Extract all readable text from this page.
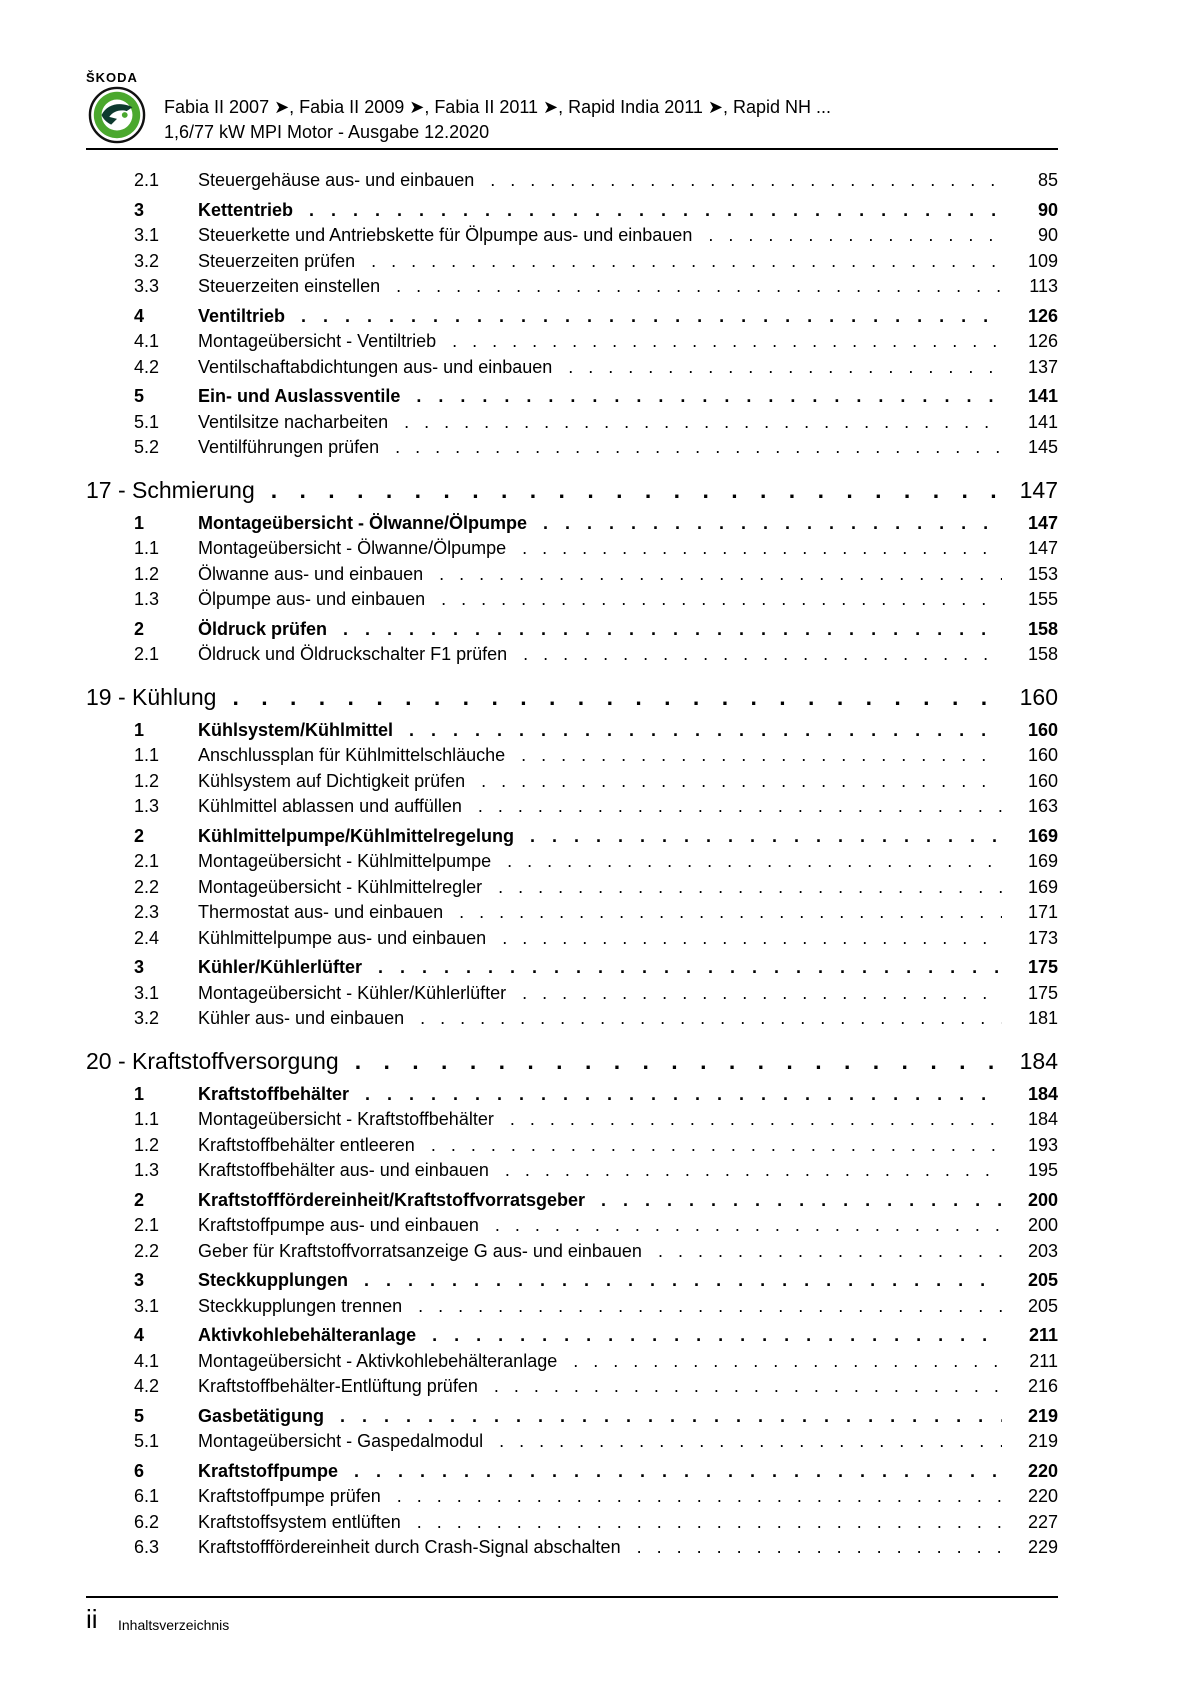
ŠKODA
Fabia II 2007 ➤, Fabia II 2009 ➤, Fabia II 2011 ➤, Rapid India 2011 ➤, Rapid NH ...
1,6/77 kW MPI Motor - Ausgabe 12.2020
2.1	Steuergehäuse aus- und einbauen . . .	85
3	Kettentrieb . . .	90
3.1	Steuerkette und Antriebskette für Ölpumpe aus- und einbauen . . .	90
3.2	Steuerzeiten prüfen . . .	109
3.3	Steuerzeiten einstellen . . .	113
4	Ventiltrieb . . .	126
4.1	Montageübersicht - Ventiltrieb . . .	126
4.2	Ventilschaftabdichtungen aus- und einbauen . . .	137
5	Ein- und Auslassventile . . .	141
5.1	Ventilsitze nacharbeiten . . .	141
5.2	Ventilführungen prüfen . . .	145
17 - Schmierung . . .	147
1	Montageübersicht - Ölwanne/Ölpumpe . . .	147
1.1	Montageübersicht - Ölwanne/Ölpumpe . . .	147
1.2	Ölwanne aus- und einbauen . . .	153
1.3	Ölpumpe aus- und einbauen . . .	155
2	Öldruck prüfen . . .	158
2.1	Öldruck und Öldruckschalter F1 prüfen . . .	158
19 - Kühlung . . .	160
1	Kühlsystem/Kühlmittel . . .	160
1.1	Anschlussplan für Kühlmittelschläuche . . .	160
1.2	Kühlsystem auf Dichtigkeit prüfen . . .	160
1.3	Kühlmittel ablassen und auffüllen . . .	163
2	Kühlmittelpumpe/Kühlmittelregelung . . .	169
2.1	Montageübersicht - Kühlmittelpumpe . . .	169
2.2	Montageübersicht - Kühlmittelregler . . .	169
2.3	Thermostat aus- und einbauen . . .	171
2.4	Kühlmittelpumpe aus- und einbauen . . .	173
3	Kühler/Kühlerlüfter . . .	175
3.1	Montageübersicht - Kühler/Kühlerlüfter . . .	175
3.2	Kühler aus- und einbauen . . .	181
20 - Kraftstoffversorgung . . .	184
1	Kraftstoffbehälter . . .	184
1.1	Montageübersicht - Kraftstoffbehälter . . .	184
1.2	Kraftstoffbehälter entleeren . . .	193
1.3	Kraftstoffbehälter aus- und einbauen . . .	195
2	Kraftstofffördereinheit/Kraftstoffvorratsgeber . . .	200
2.1	Kraftstoffpumpe aus- und einbauen . . .	200
2.2	Geber für Kraftstoffvorratsanzeige G aus- und einbauen . . .	203
3	Steckkupplungen . . .	205
3.1	Steckkupplungen trennen . . .	205
4	Aktivkohlebehälteranlage . . .	211
4.1	Montageübersicht - Aktivkohlebehälteranlage . . .	211
4.2	Kraftstoffbehälter-Entlüftung prüfen . . .	216
5	Gasbetätigung . . .	219
5.1	Montageübersicht - Gaspedalmodul . . .	219
6	Kraftstoffpumpe . . .	220
6.1	Kraftstoffpumpe prüfen . . .	220
6.2	Kraftstoffsystem entlüften . . .	227
6.3	Kraftstofffördereinheit durch Crash-Signal abschalten . . .	229
ii Inhaltsverzeichnis
